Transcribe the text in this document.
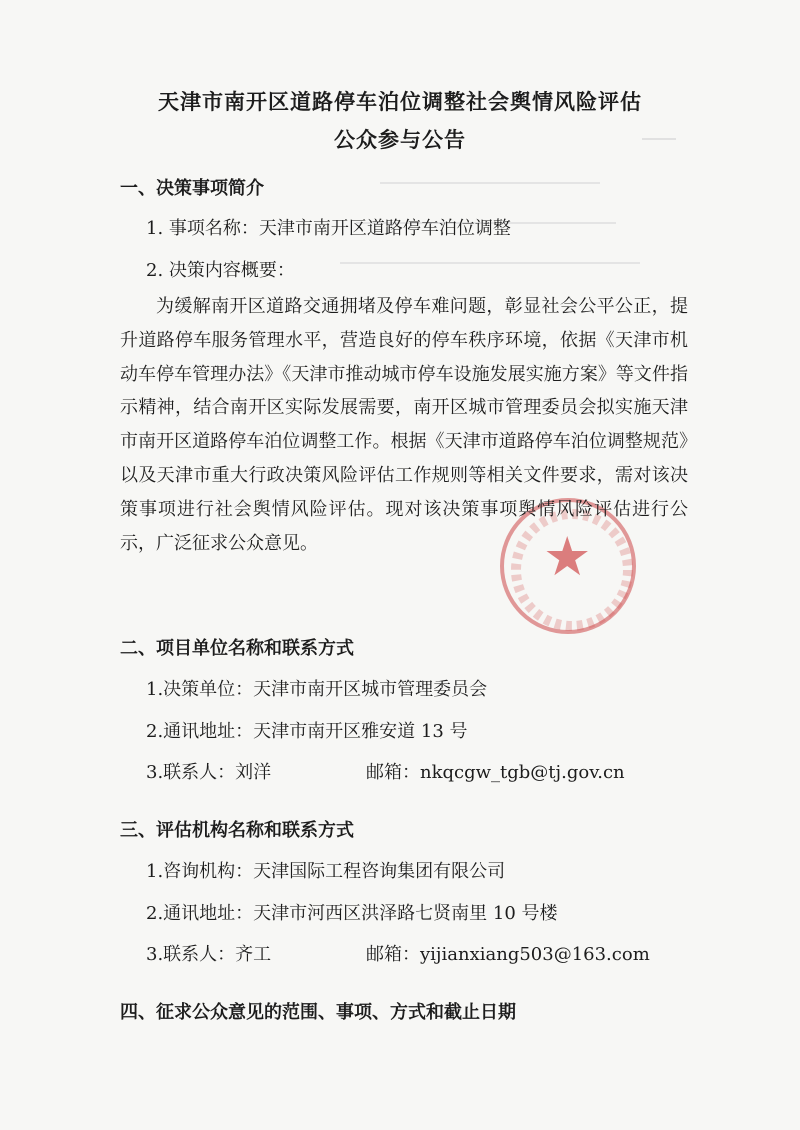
★
天津市南开区道路停车泊位调整社会舆情风险评估
公众参与公告
一、决策事项简介
1. 事项名称：天津市南开区道路停车泊位调整
2. 决策内容概要：
为缓解南开区道路交通拥堵及停车难问题，彰显社会公平公正，提升道路停车服务管理水平，营造良好的停车秩序环境，依据《天津市机动车停车管理办法》《天津市推动城市停车设施发展实施方案》等文件指示精神，结合南开区实际发展需要，南开区城市管理委员会拟实施天津市南开区道路停车泊位调整工作。根据《天津市道路停车泊位调整规范》以及天津市重大行政决策风险评估工作规则等相关文件要求，需对该决策事项进行社会舆情风险评估。现对该决策事项舆情风险评估进行公示，广泛征求公众意见。
二、项目单位名称和联系方式
1.决策单位：天津市南开区城市管理委员会
2.通讯地址：天津市南开区雅安道 13 号
3.联系人：刘洋	邮箱：nkqcgw_tgb@tj.gov.cn
三、评估机构名称和联系方式
1.咨询机构：天津国际工程咨询集团有限公司
2.通讯地址：天津市河西区洪泽路七贤南里 10 号楼
3.联系人：齐工	邮箱：yijianxiang503@163.com
四、征求公众意见的范围、事项、方式和截止日期
